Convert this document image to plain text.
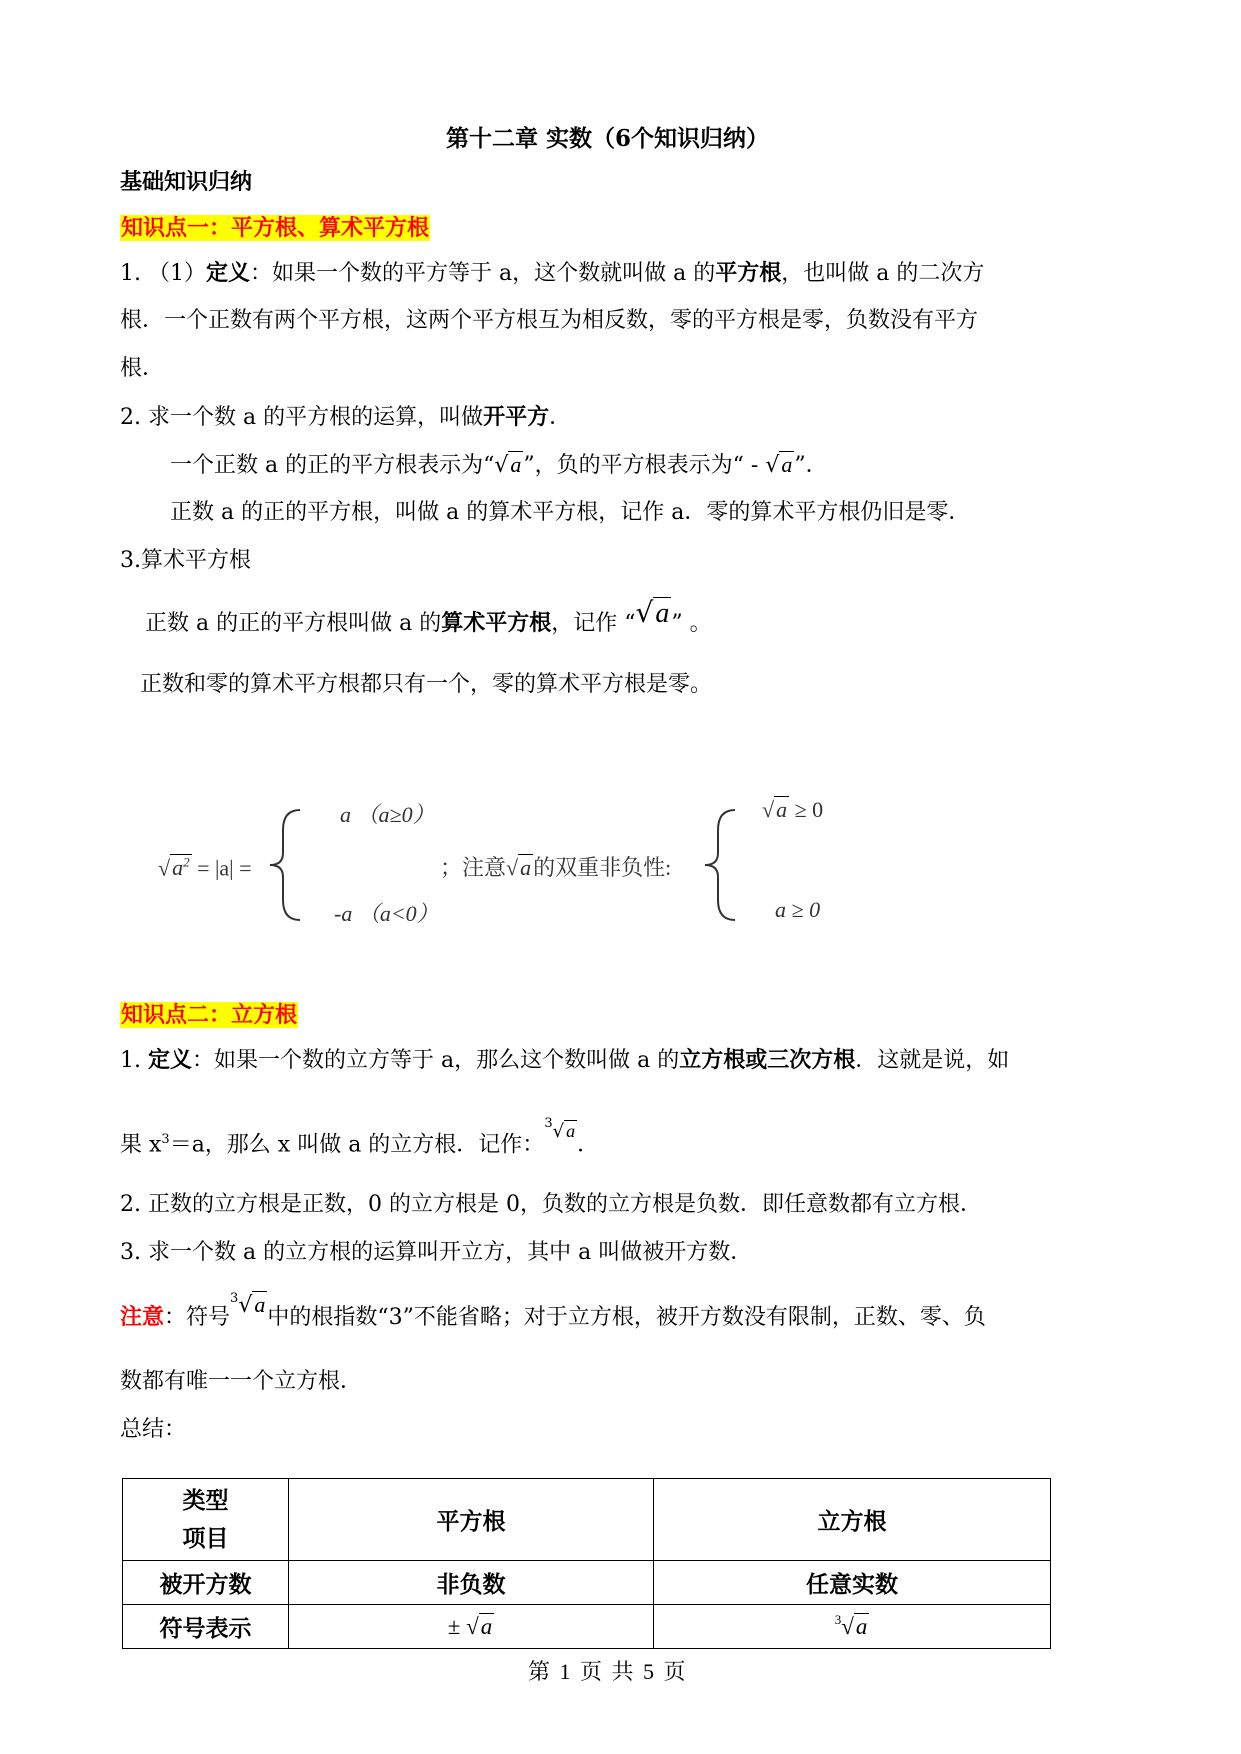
第十二章 实数（6个知识归纳）
基础知识归纳
知识点一：平方根、算术平方根
1. （1）定义：如果一个数的平方等于 a，这个数就叫做 a 的平方根，也叫做 a 的二次方
根．一个正数有两个平方根，这两个平方根互为相反数，零的平方根是零，负数没有平方
根．
2. 求一个数 a 的平方根的运算，叫做开平方．
一个正数 a 的正的平方根表示为“√a”，负的平方根表示为“ - √a”．
正数 a 的正的平方根，叫做 a 的算术平方根，记作 a．零的算术平方根仍旧是零．
3.算术平方根
正数 a 的正的平方根叫做 a 的算术平方根，记作 “√a” 。
正数和零的算术平方根都只有一个，零的算术平方根是零。
$√a^2 = |a|$ =
a （a≥0）
-a （a<0）
；注意√a的双重非负性:
√a ≥ 0
a ≥ 0
知识点二：立方根
1. 定义：如果一个数的立方等于 a，那么这个数叫做 a 的立方根或三次方根．这就是说，如
果 $x^3=a$，那么 x 叫做 a 的立方根．记作：$^3$√ a．
2. 正数的立方根是正数，0 的立方根是 0，负数的立方根是负数．即任意数都有立方根．
3. 求一个数 a 的立方根的运算叫开立方，其中 a 叫做被开方数．
注意：符号$^3$√a中的根指数“3”不能省略；对于立方根，被开方数没有限制，正数、零、负
数都有唯一一个立方根．
总结：
类型
项目	平方根	立方根
被开方数	非负数	任意实数
符号表示	± √a	$^3$√a
第 1 页 共 5 页
